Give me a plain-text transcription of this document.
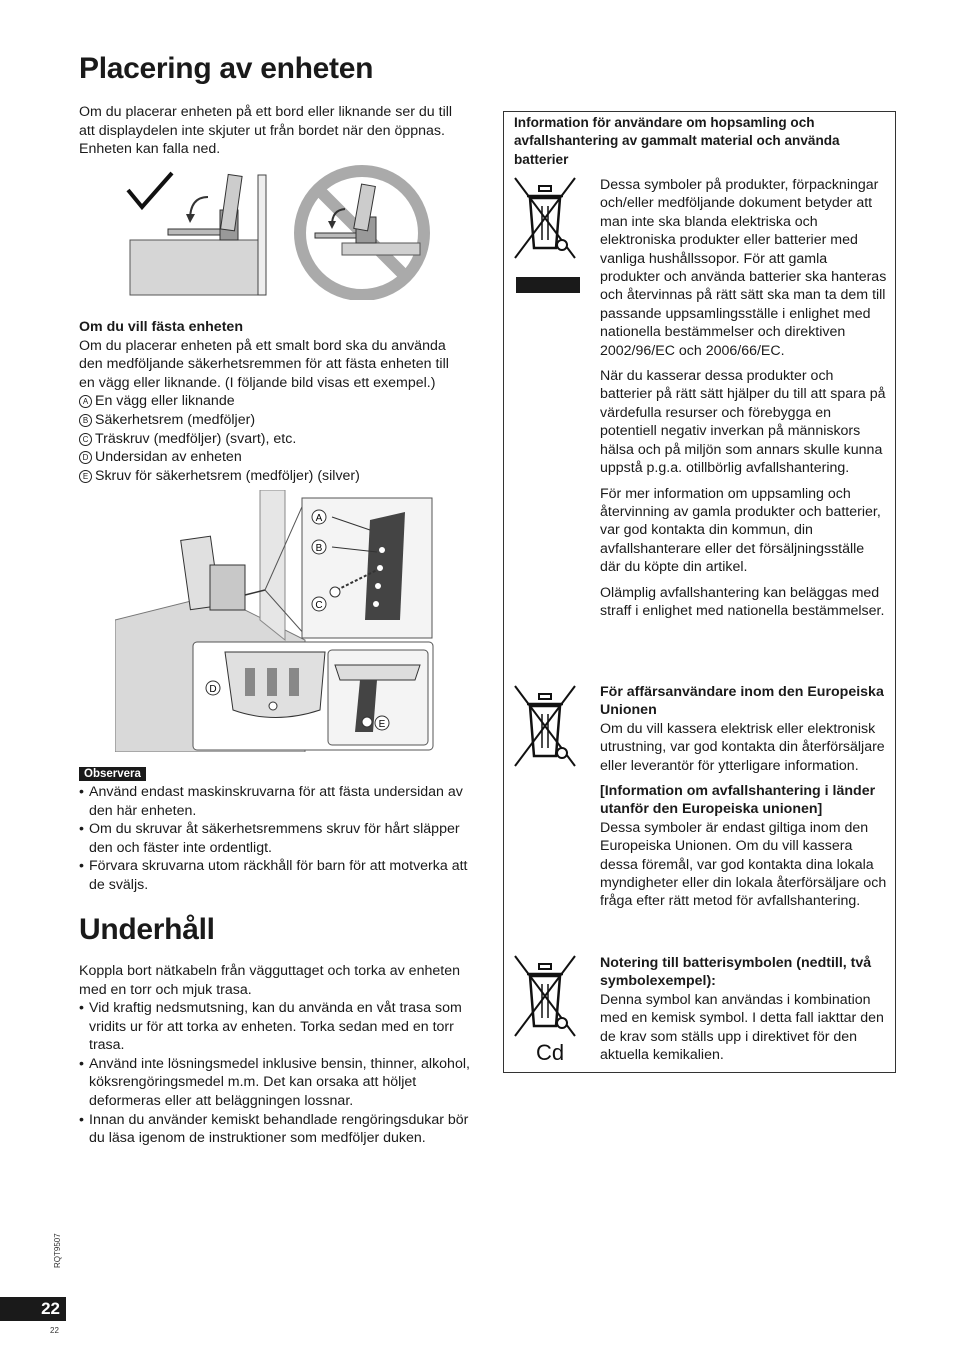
Placering av enheten
Om du placerar enheten på ett bord eller liknande ser du till
att displaydelen inte skjuter ut från bordet när den öppnas.
Enheten kan falla ned.
Om du vill fästa enheten
Om du placerar enheten på ett smalt bord ska du använda
den medföljande säkerhetsremmen för att fästa enheten till
en vägg eller liknande. (I följande bild visas ett exempel.)
A En vägg eller liknande
B Säkerhetsrem (medföljer)
C Träskruv (medföljer) (svart), etc.
D Undersidan av enheten
E Skruv för säkerhetsrem (medföljer) (silver)
A
B
C
D
E
Observera
• Använd endast maskinskruvarna för att fästa undersidan av den här enheten.
• Om du skruvar åt säkerhetsremmens skruv för hårt släpper den och fäster inte ordentligt.
• Förvara skruvarna utom räckhåll för barn för att motverka att de sväljs.
Underhåll
Koppla bort nätkabeln från vägguttaget och torka av enheten med en torr och mjuk trasa.
• Vid kraftig nedsmutsning, kan du använda en våt trasa som vridits ur för att torka av enheten. Torka sedan med en torr trasa.
• Använd inte lösningsmedel inklusive bensin, thinner, alkohol, köksrengöringsmedel m.m. Det kan orsaka att höljet deformeras eller att beläggningen lossnar.
• Innan du använder kemiskt behandlade rengöringsdukar bör du läsa igenom de instruktioner som medföljer duken.
Information för användare om hopsamling och avfallshantering av gammalt material och använda batterier

Dessa symboler på produkter, förpackningar och/eller medföljande dokument betyder att man inte ska blanda elektriska och elektroniska produkter eller batterier med vanliga hushållssopor. För att gamla produkter och använda batterier ska hanteras och återvinnas på rätt sätt ska man ta dem till passande uppsamlingsställe i enlighet med nationella bestämmelser och direktiven 2002/96/EC och 2006/66/EC.

När du kasserar dessa produkter och batterier på rätt sätt hjälper du till att spara på värdefulla resurser och förebygga en potentiell negativ inverkan på människors hälsa och på miljön som annars skulle kunna uppstå p.g.a. otillbörlig avfallshantering.

För mer information om uppsamling och återvinning av gamla produkter och batterier, var god kontakta din kommun, din avfallshanterare eller det försäljningsställe där du köpte din artikel.

Olämplig avfallshantering kan beläggas med straff i enlighet med nationella bestämmelser.

För affärsanvändare inom den Europeiska Unionen
Om du vill kassera elektrisk eller elektronisk utrustning, var god kontakta din återförsäljare eller leverantör för ytterligare information.

[Information om avfallshantering i länder utanför den Europeiska unionen]
Dessa symboler är endast giltiga inom den Europeiska Unionen. Om du vill kassera dessa föremål, var god kontakta dina lokala myndigheter eller din lokala återförsäljare och fråga efter rätt metod för avfallshantering.

Cd

Notering till batterisymbolen (nedtill, två symbolexempel):
Denna symbol kan användas i kombination med en kemisk symbol. I detta fall iakttar den de krav som ställs upp i direktivet för den aktuella kemikalien.

RQT9507
22
22
